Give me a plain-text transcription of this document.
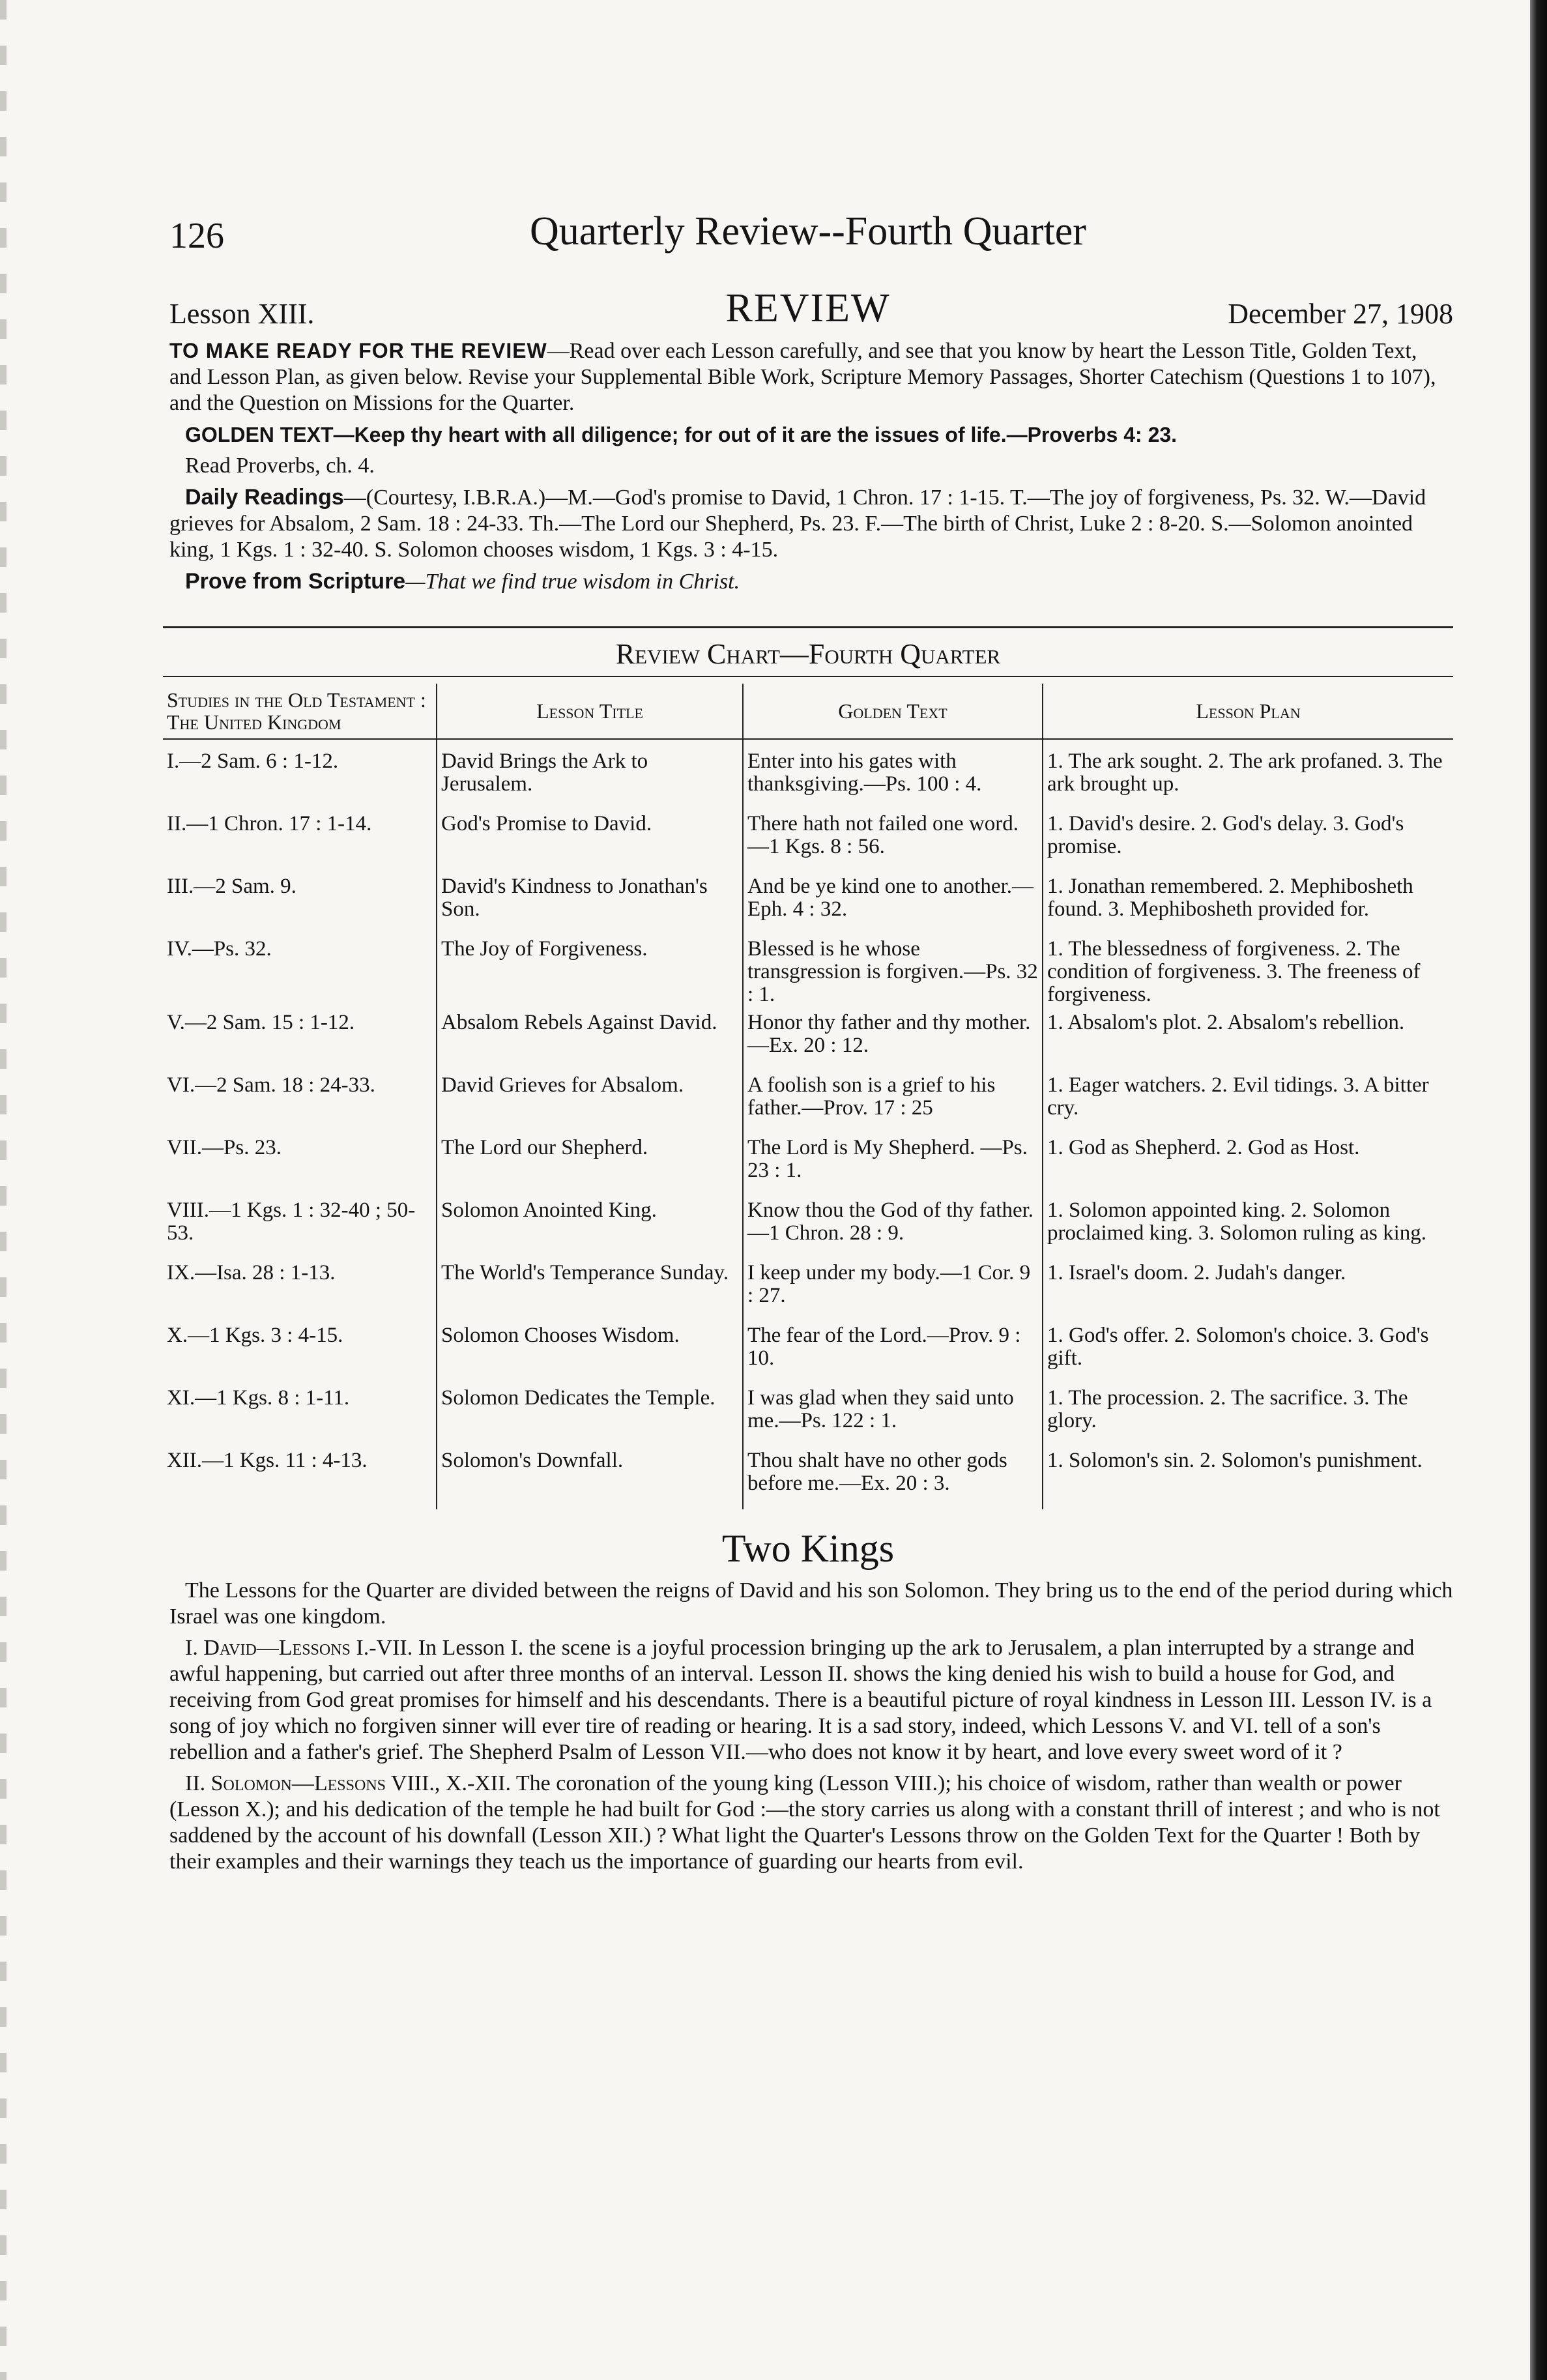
126	Quarterly Review--Fourth Quarter
Lesson XIII.	REVIEW	December 27, 1908

TO MAKE READY FOR THE REVIEW—Read over each Lesson carefully, and see that you know by heart the Lesson Title, Golden Text, and Lesson Plan, as given below. Revise your Supplemental Bible Work, Scripture Memory Passages, Shorter Catechism (Questions 1 to 107), and the Question on Missions for the Quarter.

GOLDEN TEXT—Keep thy heart with all diligence; for out of it are the issues of life.—Proverbs 4: 23.

Read Proverbs, ch. 4.

Daily Readings—(Courtesy, I.B.R.A.)—M.—God's promise to David, 1 Chron. 17 : 1-15. T.—The joy of forgiveness, Ps. 32. W.—David grieves for Absalom, 2 Sam. 18 : 24-33. Th.—The Lord our Shepherd, Ps. 23. F.—The birth of Christ, Luke 2 : 8-20. S.—Solomon anointed king, 1 Kgs. 1 : 32-40. S. Solomon chooses wisdom, 1 Kgs. 3 : 4-15.

Prove from Scripture—That we find true wisdom in Christ.

Review Chart—Fourth Quarter
Studies in the Old Testament : The United Kingdom	Lesson Title	Golden Text	Lesson Plan
I.—2 Sam. 6 : 1-12.	David Brings the Ark to Jerusalem.	Enter into his gates with thanksgiving.—Ps. 100 : 4.	1. The ark sought. 2. The ark profaned. 3. The ark brought up.
II.—1 Chron. 17 : 1-14.	God's Promise to David.	There hath not failed one word.—1 Kgs. 8 : 56.	1. David's desire. 2. God's delay. 3. God's promise.
III.—2 Sam. 9.	David's Kindness to Jonathan's Son.	And be ye kind one to another.—Eph. 4 : 32.	1. Jonathan remembered. 2. Mephibosheth found. 3. Mephibosheth provided for.
IV.—Ps. 32.	The Joy of Forgiveness.	Blessed is he whose transgression is forgiven.—Ps. 32 : 1.	1. The blessedness of forgiveness. 2. The condition of forgiveness. 3. The freeness of forgiveness.
V.—2 Sam. 15 : 1-12.	Absalom Rebels Against David.	Honor thy father and thy mother.—Ex. 20 : 12.	1. Absalom's plot. 2. Absalom's rebellion.
VI.—2 Sam. 18 : 24-33.	David Grieves for Absalom.	A foolish son is a grief to his father.—Prov. 17 : 25	1. Eager watchers. 2. Evil tidings. 3. A bitter cry.
VII.—Ps. 23.	The Lord our Shepherd.	The Lord is My Shepherd. —Ps. 23 : 1.	1. God as Shepherd. 2. God as Host.
VIII.—1 Kgs. 1 : 32-40 ; 50-53.	Solomon Anointed King.	Know thou the God of thy father.—1 Chron. 28 : 9.	1. Solomon appointed king. 2. Solomon proclaimed king. 3. Solomon ruling as king.
IX.—Isa. 28 : 1-13.	The World's Temperance Sunday.	I keep under my body.—1 Cor. 9 : 27.	1. Israel's doom. 2. Judah's danger.
X.—1 Kgs. 3 : 4-15.	Solomon Chooses Wisdom.	The fear of the Lord.—Prov. 9 : 10.	1. God's offer. 2. Solomon's choice. 3. God's gift.
XI.—1 Kgs. 8 : 1-11.	Solomon Dedicates the Temple.	I was glad when they said unto me.—Ps. 122 : 1.	1. The procession. 2. The sacrifice. 3. The glory.
XII.—1 Kgs. 11 : 4-13.	Solomon's Downfall.	Thou shalt have no other gods before me.—Ex. 20 : 3.	1. Solomon's sin. 2. Solomon's punishment.
Two Kings

The Lessons for the Quarter are divided between the reigns of David and his son Solomon. They bring us to the end of the period during which Israel was one kingdom.

I. David—Lessons I.-VII. In Lesson I. the scene is a joyful procession bringing up the ark to Jerusalem, a plan interrupted by a strange and awful happening, but carried out after three months of an interval. Lesson II. shows the king denied his wish to build a house for God, and receiving from God great promises for himself and his descendants. There is a beautiful picture of royal kindness in Lesson III. Lesson IV. is a song of joy which no forgiven sinner will ever tire of reading or hearing. It is a sad story, indeed, which Lessons V. and VI. tell of a son's rebellion and a father's grief. The Shepherd Psalm of Lesson VII.—who does not know it by heart, and love every sweet word of it ?

II. Solomon—Lessons VIII., X.-XII. The coronation of the young king (Lesson VIII.); his choice of wisdom, rather than wealth or power (Lesson X.); and his dedication of the temple he had built for God :—the story carries us along with a constant thrill of interest ; and who is not saddened by the account of his downfall (Lesson XII.) ? What light the Quarter's Lessons throw on the Golden Text for the Quarter ! Both by their examples and their warnings they teach us the importance of guarding our hearts from evil.
